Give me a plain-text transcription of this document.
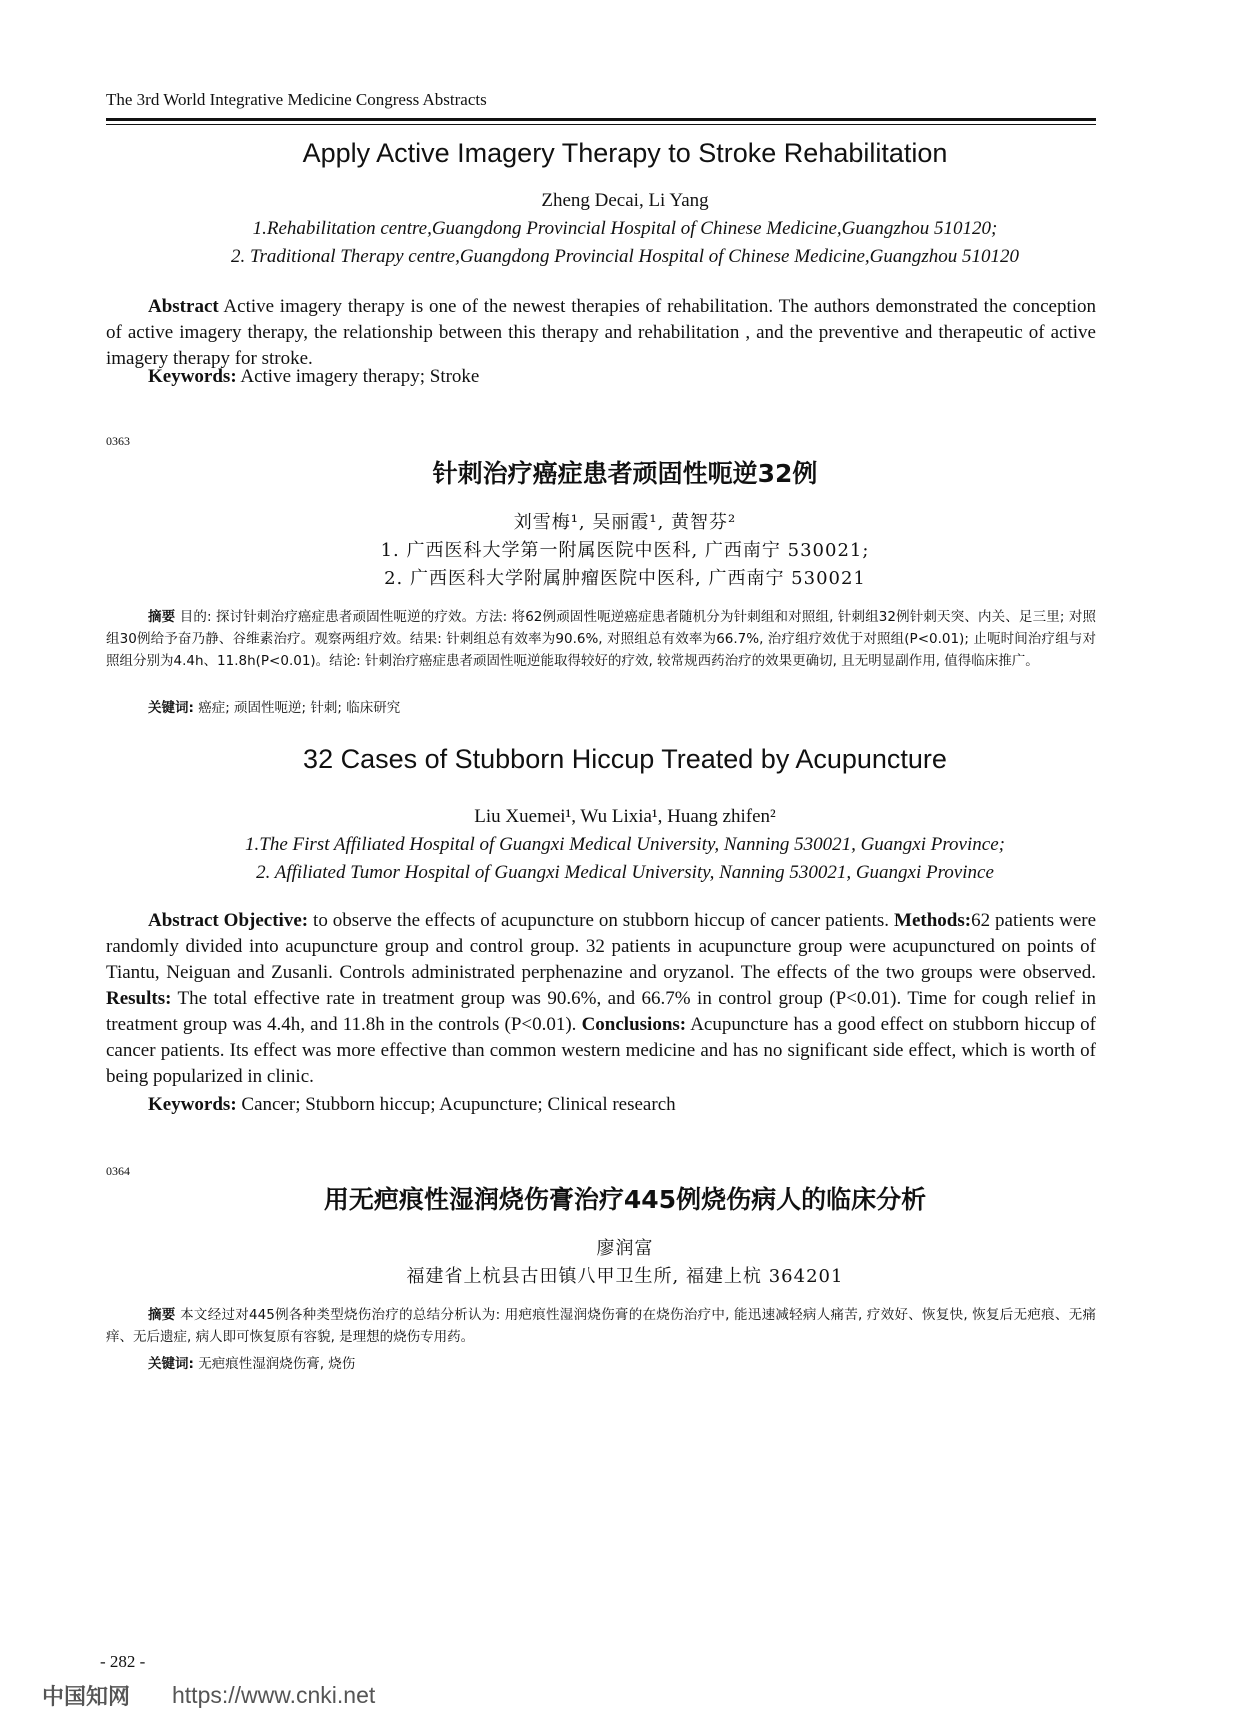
The 3rd World Integrative Medicine Congress Abstracts
Apply Active Imagery Therapy to Stroke Rehabilitation
Zheng Decai, Li Yang
1.Rehabilitation centre,Guangdong Provincial Hospital of Chinese Medicine,Guangzhou 510120;
2. Traditional Therapy centre,Guangdong Provincial Hospital of Chinese Medicine,Guangzhou 510120
Abstract Active imagery therapy is one of the newest therapies of rehabilitation. The authors demonstrated the conception of active imagery therapy, the relationship between this therapy and rehabilitation , and the preventive and therapeutic of active imagery therapy for stroke.
Keywords: Active imagery therapy; Stroke
0363
针刺治疗癌症患者顽固性呃逆32例
刘雪梅¹, 吴丽霞¹, 黄智芬²
1. 广西医科大学第一附属医院中医科, 广西南宁 530021;
2. 广西医科大学附属肿瘤医院中医科, 广西南宁 530021
摘要 目的: 探讨针刺治疗癌症患者顽固性呃逆的疗效。方法: 将62例顽固性呃逆癌症患者随机分为针刺组和对照组, 针刺组32例针刺天突、内关、足三里; 对照组30例给予奋乃静、谷维素治疗。观察两组疗效。结果: 针刺组总有效率为90.6%, 对照组总有效率为66.7%, 治疗组疗效优于对照组(P<0.01); 止呃时间治疗组与对照组分别为4.4h、11.8h(P<0.01)。结论: 针刺治疗癌症患者顽固性呃逆能取得较好的疗效, 较常规西药治疗的效果更确切, 且无明显副作用, 值得临床推广。
关键词: 癌症; 顽固性呃逆; 针刺; 临床研究
32 Cases of Stubborn Hiccup Treated by Acupuncture
Liu Xuemei¹, Wu Lixia¹, Huang zhifen²
1.The First Affiliated Hospital of Guangxi Medical University, Nanning 530021, Guangxi Province;
2. Affiliated Tumor Hospital of Guangxi Medical University, Nanning 530021, Guangxi Province
Abstract Objective: to observe the effects of acupuncture on stubborn hiccup of cancer patients. Methods:62 patients were randomly divided into acupuncture group and control group. 32 patients in acupuncture group were acupunctured on points of Tiantu, Neiguan and Zusanli. Controls administrated perphenazine and oryzanol. The effects of the two groups were observed. Results: The total effective rate in treatment group was 90.6%, and 66.7% in control group (P<0.01). Time for cough relief in treatment group was 4.4h, and 11.8h in the controls (P<0.01). Conclusions: Acupuncture has a good effect on stubborn hiccup of cancer patients. Its effect was more effective than common western medicine and has no significant side effect, which is worth of being popularized in clinic.
Keywords: Cancer; Stubborn hiccup; Acupuncture; Clinical research
0364
用无疤痕性湿润烧伤膏治疗445例烧伤病人的临床分析
廖润富
福建省上杭县古田镇八甲卫生所, 福建上杭 364201
摘要 本文经过对445例各种类型烧伤治疗的总结分析认为: 用疤痕性湿润烧伤膏的在烧伤治疗中, 能迅速减轻病人痛苦, 疗效好、恢复快, 恢复后无疤痕、无痛痒、无后遗症, 病人即可恢复原有容貌, 是理想的烧伤专用药。
关键词: 无疤痕性湿润烧伤膏, 烧伤
- 282 -
中国知网 https://www.cnki.net
